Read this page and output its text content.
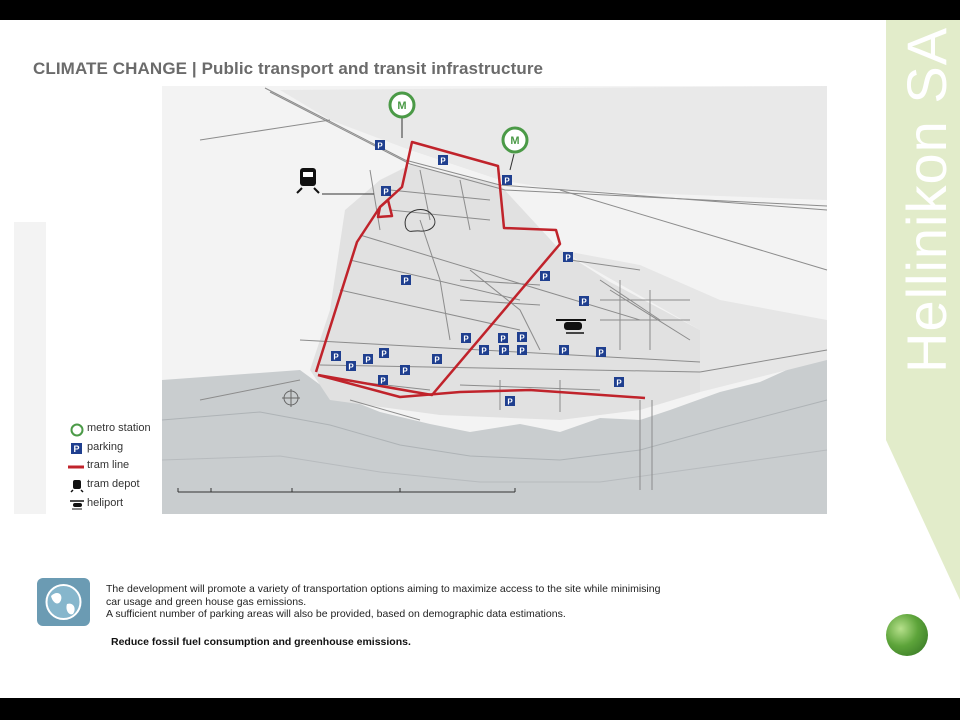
CLIMATE CHANGE | Public transport and transit infrastructure
M
M
P
P
P
P
P	P
P
P
P	P
P
P	P
P
P
P
P
P P
P P	P	P
P
P
metro station
P parking
tram line
tram depot
heliport

The development will promote a variety of transportation options aiming to maximize access to the site while minimising

car usage and green house gas emissions.

A sufficient number of parking areas will also be provided, based on demographic data estimations.

Reduce fossil fuel consumption and greenhouse emissions.
